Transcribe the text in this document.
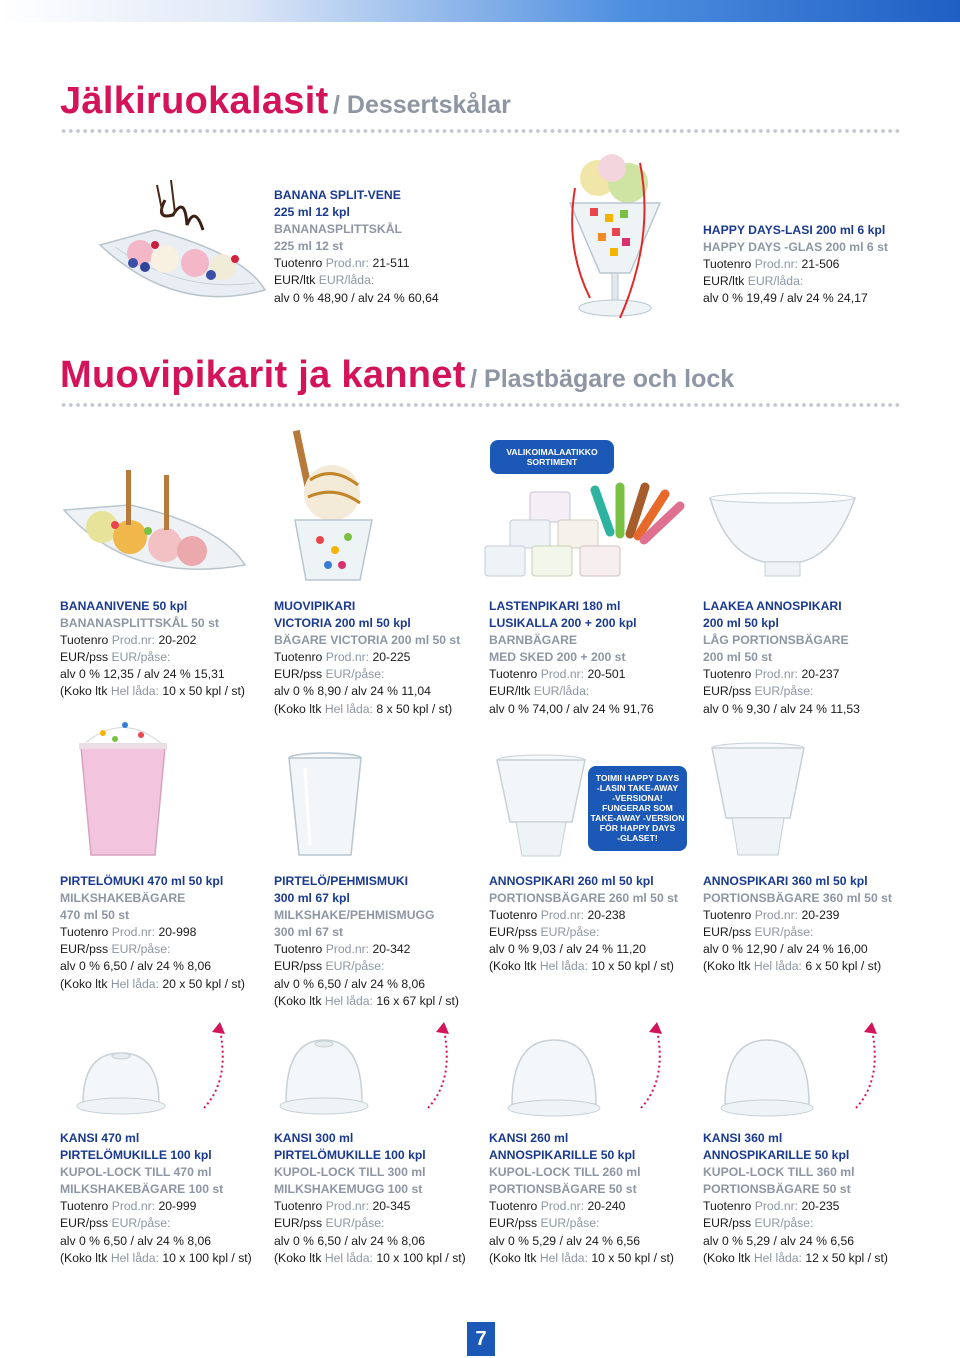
Jälkiruokalasit / Dessertskålar
BANANA SPLIT-VENE
225 ml 12 kpl
BANANASPLITTSKÅL
225 ml 12 st
Tuotenro Prod.nr: 21-511
EUR/ltk EUR/låda:
alv 0 % 48,90 / alv 24 % 60,64
HAPPY DAYS-LASI 200 ml 6 kpl
HAPPY DAYS -GLAS 200 ml 6 st
Tuotenro Prod.nr: 21-506
EUR/ltk EUR/låda:
alv 0 % 19,49 / alv 24 % 24,17
Muovipikarit ja kannet / Plastbägare och lock
VALIKOIMALAATIKKO
SORTIMENT
BANAANIVENE 50 kpl
BANANASPLITTSKÅL 50 st
Tuotenro Prod.nr: 20-202
EUR/pss EUR/påse:
alv 0 % 12,35 / alv 24 % 15,31
(Koko ltk Hel låda: 10 x 50 kpl / st)
MUOVIPIKARI
VICTORIA 200 ml 50 kpl
BÄGARE VICTORIA 200 ml 50 st
Tuotenro Prod.nr: 20-225
EUR/pss EUR/påse:
alv 0 % 8,90 / alv 24 % 11,04
(Koko ltk Hel låda: 8 x 50 kpl / st)
LASTENPIKARI 180 ml
LUSIKALLA 200 + 200 kpl
BARNBÄGARE
MED SKED 200 + 200 st
Tuotenro Prod.nr: 20-501
EUR/ltk EUR/låda:
alv 0 % 74,00 / alv 24 % 91,76
LAAKEA ANNOSPIKARI
200 ml 50 kpl
LÅG PORTIONSBÄGARE
200 ml 50 st
Tuotenro Prod.nr: 20-237
EUR/pss EUR/påse:
alv 0 % 9,30 / alv 24 % 11,53
TOIMII HAPPY DAYS
-LASIN TAKE-AWAY
-VERSIONA!
FUNGERAR SOM
TAKE-AWAY -VERSION
FÖR HAPPY DAYS
-GLASET!
PIRTELÖMUKI 470 ml 50 kpl
MILKSHAKEBÄGARE
470 ml 50 st
Tuotenro Prod.nr: 20-998
EUR/pss EUR/påse:
alv 0 % 6,50 / alv 24 % 8,06
(Koko ltk Hel låda: 20 x 50 kpl / st)
PIRTELÖ/PEHMISMUKI
300 ml 67 kpl
MILKSHAKE/PEHMISMUGG
300 ml 67 st
Tuotenro Prod.nr: 20-342
EUR/pss EUR/påse:
alv 0 % 6,50 / alv 24 % 8,06
(Koko ltk Hel låda: 16 x 67 kpl / st)
ANNOSPIKARI 260 ml 50 kpl
PORTIONSBÄGARE 260 ml 50 st
Tuotenro Prod.nr: 20-238
EUR/pss EUR/påse:
alv 0 % 9,03 / alv 24 % 11,20
(Koko ltk Hel låda: 10 x 50 kpl / st)
ANNOSPIKARI 360 ml 50 kpl
PORTIONSBÄGARE 360 ml 50 st
Tuotenro Prod.nr: 20-239
EUR/pss EUR/påse:
alv 0 % 12,90 / alv 24 % 16,00
(Koko ltk Hel låda: 6 x 50 kpl / st)
KANSI 470 ml
PIRTELÖMUKILLE 100 kpl
KUPOL-LOCK TILL 470 ml
MILKSHAKEBÄGARE 100 st
Tuotenro Prod.nr: 20-999
EUR/pss EUR/påse:
alv 0 % 6,50 / alv 24 % 8,06
(Koko ltk Hel låda: 10 x 100 kpl / st)
KANSI 300 ml
PIRTELÖMUKILLE 100 kpl
KUPOL-LOCK TILL 300 ml
MILKSHAKEMUGG 100 st
Tuotenro Prod.nr: 20-345
EUR/pss EUR/påse:
alv 0 % 6,50 / alv 24 % 8,06
(Koko ltk Hel låda: 10 x 100 kpl / st)
KANSI 260 ml
ANNOSPIKARILLE 50 kpl
KUPOL-LOCK TILL 260 ml
PORTIONSBÄGARE 50 st
Tuotenro Prod.nr: 20-240
EUR/pss EUR/påse:
alv 0 % 5,29 / alv 24 % 6,56
(Koko ltk Hel låda: 10 x 50 kpl / st)
KANSI 360 ml
ANNOSPIKARILLE 50 kpl
KUPOL-LOCK TILL 360 ml
PORTIONSBÄGARE 50 st
Tuotenro Prod.nr: 20-235
EUR/pss EUR/påse:
alv 0 % 5,29 / alv 24 % 6,56
(Koko ltk Hel låda: 12 x 50 kpl / st)
7
